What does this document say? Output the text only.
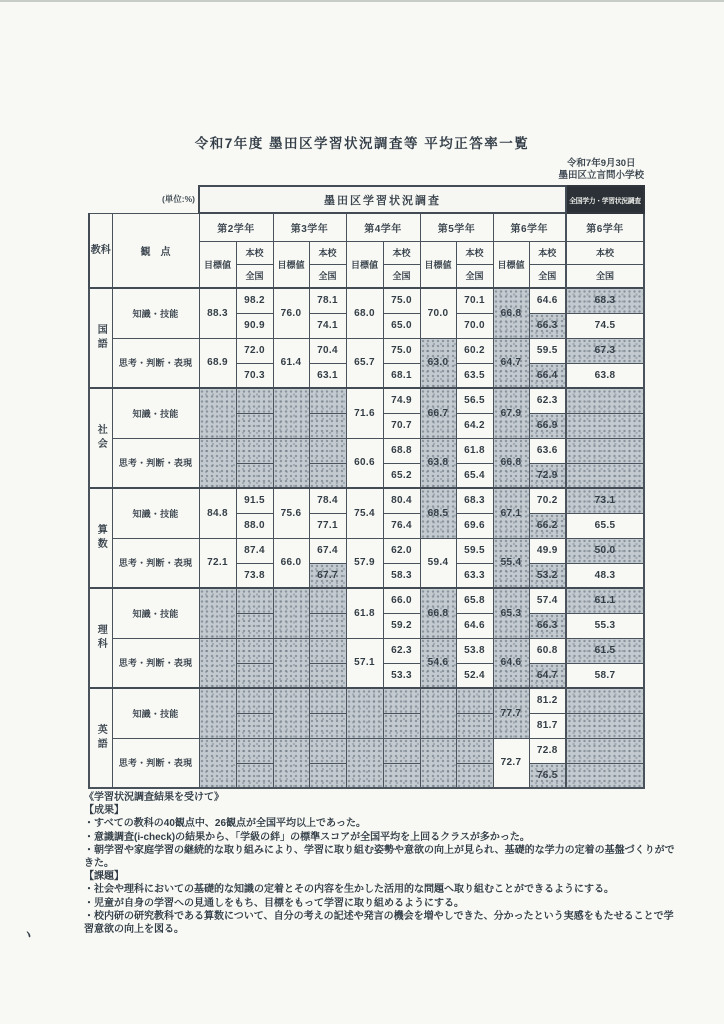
令和7年度 墨田区学習状況調査等 平均正答率一覧
令和7年9月30日
墨田区立言問小学校
(単位:%)		墨田区学習状況調査										全国学力・学習状況調査
教科	観点	第2学年		第3学年		第4学年		第5学年		第6学年		第6学年
		目標値	本校	目標値	本校	目標値	本校	目標値	本校	目標値	本校	本校
			全国		全国		全国		全国		全国	全国

国語	知識・技能	88.3	98.2	76.0	78.1	68.0	75.0	70.0	70.1	66.8	64.6	68.3
			90.9		74.1		65.0		70.0		66.3	74.5
	思考・判断・表現	68.9	72.0	61.4	70.4	65.7	75.0	63.0	60.2	64.7	59.5	67.3
			70.3		63.1		68.1		63.5		66.4	63.8

社会	知識・技能					71.6	74.9	66.7	56.5	67.9	62.3	
							70.7		64.2		66.9	
	思考・判断・表現					60.6	68.8	63.8	61.8	66.8	63.6	
							65.2		65.4		72.9	

算数	知識・技能	84.8	91.5	75.6	78.4	75.4	80.4	68.5	68.3	67.1	70.2	73.1
			88.0		77.1		76.4		69.6		66.2	65.5
	思考・判断・表現	72.1	87.4	66.0	67.4	57.9	62.0	59.4	59.5	55.4	49.9	50.0
			73.8		67.7		58.3		63.3		53.2	48.3

理科	知識・技能					61.8	66.0	66.8	65.8	65.3	57.4	61.1
							59.2		64.6		66.3	55.3
	思考・判断・表現					57.1	62.3	54.6	53.8	64.6	60.8	61.5
							53.3		52.4		64.7	58.7

英語	知識・技能									77.7	81.2	
											81.7	
	思考・判断・表現									72.7	72.8	
											76.5	
《学習状況調査結果を受けて》
【成果】
・すべての教科の40観点中、26観点が全国平均以上であった。
・意識調査(i-check)の結果から、「学級の絆」の標準スコアが全国平均を上回るクラスが多かった。
・朝学習や家庭学習の継続的な取り組みにより、学習に取り組む姿勢や意欲の向上が見られ、基礎的な学力の定着の基盤づくりができた。
【課題】
・社会や理科においての基礎的な知識の定着とその内容を生かした活用的な問題へ取り組むことができるようにする。
・児童が自身の学習への見通しをもち、目標をもって学習に取り組めるようにする。
・校内研の研究教科である算数について、自分の考えの記述や発言の機会を増やしできた、分かったという実感をもたせることで学習意欲の向上を図る。
ヽ
